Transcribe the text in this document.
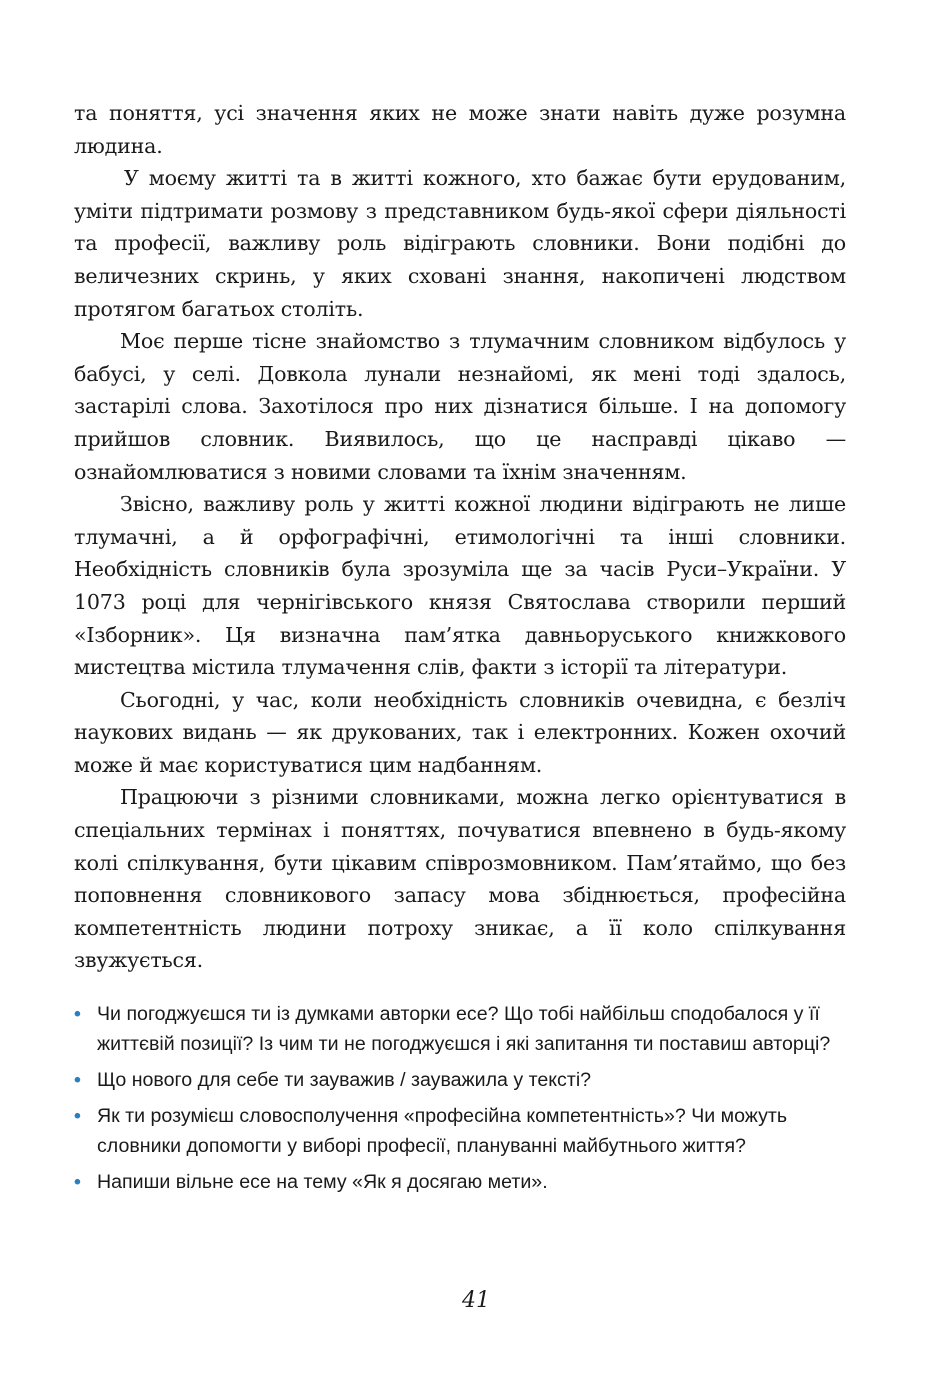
та поняття, усі значення яких не може знати навіть дуже розумна людина.

У моєму житті та в житті кожного, хто бажає бути ерудованим, уміти підтримати розмову з представником будь-якої сфери діяльності та професії, важливу роль відіграють словники. Вони подібні до величезних скринь, у яких сховані знання, накопичені людством протягом багатьох століть.

Моє перше тісне знайомство з тлумачним словником відбулось у бабусі, у селі. Довкола лунали незнайомі, як мені тоді здалось, застарілі слова. Захотілося про них дізнатися більше. І на допомогу прийшов словник. Виявилось, що це насправді цікаво — ознайомлюватися з новими словами та їхнім значенням.

Звісно, важливу роль у житті кожної людини відіграють не лише тлумачні, а й орфографічні, етимологічні та інші словники. Необхідність словників була зрозуміла ще за часів Руси–України. У 1073 році для чернігівського князя Святослава створили перший «Ізборник». Ця визначна пам’ятка давньоруського книжкового мистецтва містила тлумачення слів, факти з історії та літератури.

Сьогодні, у час, коли необхідність словників очевидна, є безліч наукових видань — як друкованих, так і електронних. Кожен охочий може й має користуватися цим надбанням.

Працюючи з різними словниками, можна легко орієнтуватися в спеціальних термінах і поняттях, почуватися впевнено в будь-якому колі спілкування, бути цікавим співрозмовником. Пам’ятаймо, що без поповнення словникового запасу мова збіднюється, професійна компетентність людини потроху зникає, а її коло спілкування звужується.

• Чи погоджуєшся ти із думками авторки есе? Що тобі найбільш сподобалося у її життєвій позиції? Із чим ти не погоджуєшся і які запитання ти поставиш авторці?
• Що нового для себе ти зауважив / зауважила у тексті?
• Як ти розумієш словосполучення «професійна компетентність»? Чи можуть словники допомогти у виборі професії, плануванні майбутнього життя?
• Напиши вільне есе на тему «Як я досягаю мети».
41
